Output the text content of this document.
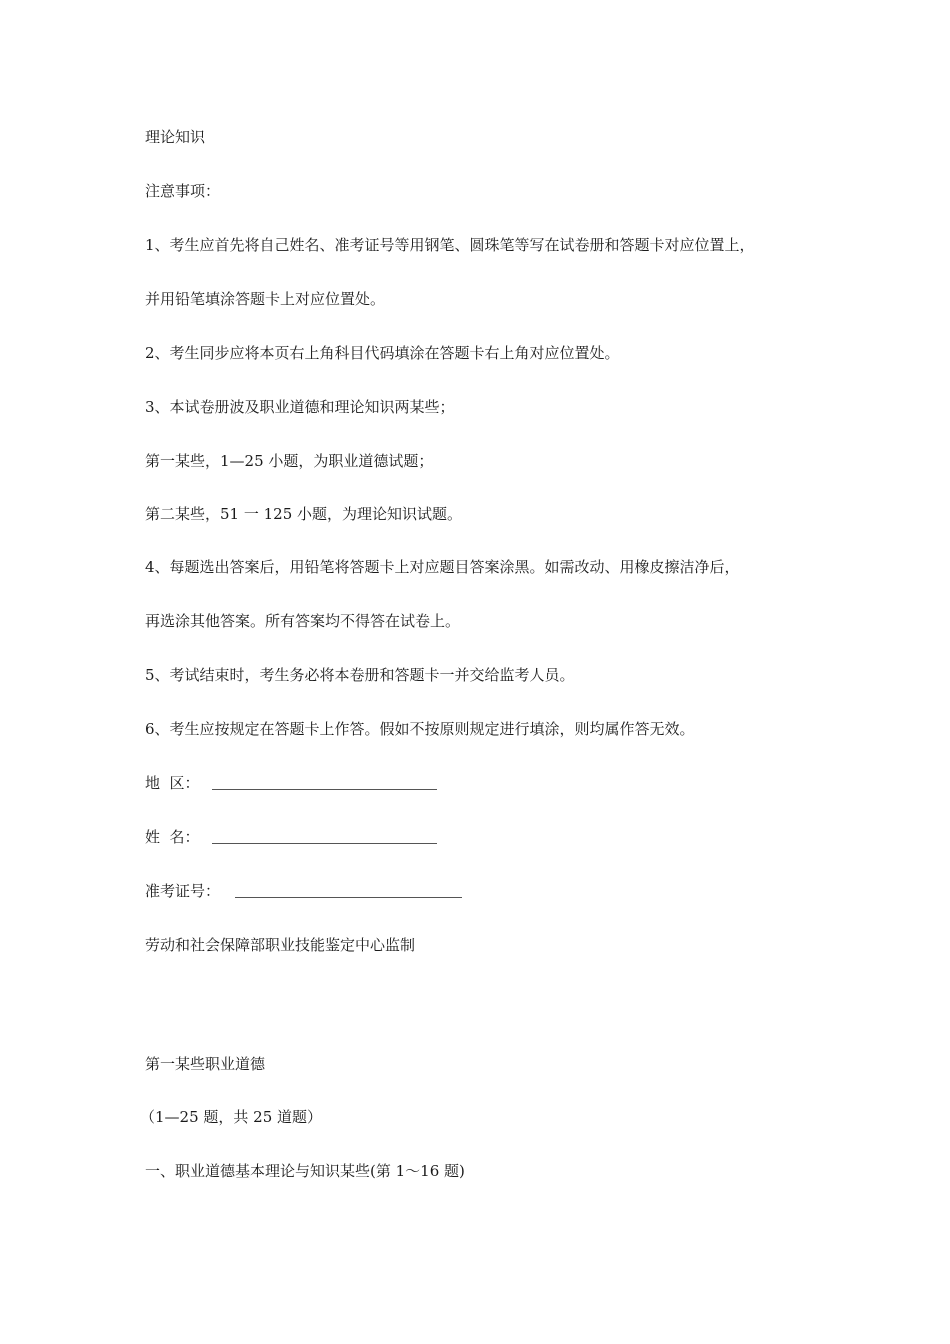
理论知识
注意事项：
1、考生应首先将自己姓名、准考证号等用钢笔、圆珠笔等写在试卷册和答题卡对应位置上，
并用铅笔填涂答题卡上对应位置处。
2、考生同步应将本页右上角科目代码填涂在答题卡右上角对应位置处。
3、本试卷册波及职业道德和理论知识两某些；
第一某些，1—25 小题，为职业道德试题；
第二某些，51 一 125 小题，为理论知识试题。
4、每题选出答案后，用铅笔将答题卡上对应题目答案涂黑。如需改动、用橡皮擦洁净后，
再选涂其他答案。所有答案均不得答在试卷上。
5、考试结束时，考生务必将本卷册和答题卡一并交给监考人员。
6、考生应按规定在答题卡上作答。假如不按原则规定进行填涂，则均属作答无效。
地  区：
姓  名：
准考证号：
劳动和社会保障部职业技能鉴定中心监制
第一某些职业道德
（1—25 题，共 25 道题）
一、职业道德基本理论与知识某些(第 1～16 题)
